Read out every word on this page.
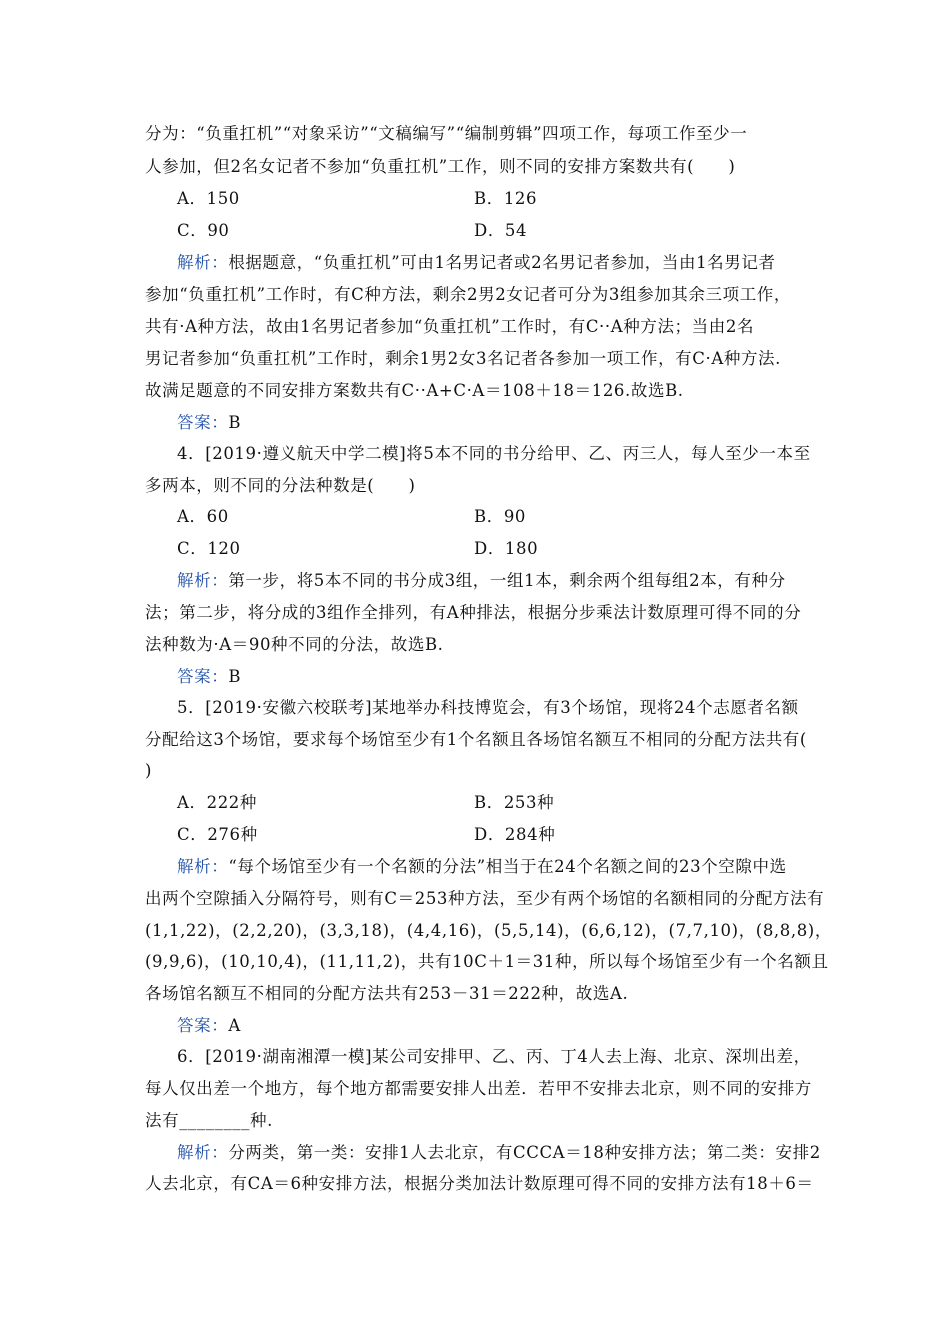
分为：“负重扛机”“对象采访”“文稿编写”“编制剪辑”四项工作，每项工作至少一
人参加，但2名女记者不参加“负重扛机”工作，则不同的安排方案数共有(　　)
A．150	B．126
C．90	D．54
解析：根据题意，“负重扛机”可由1名男记者或2名男记者参加，当由1名男记者
参加“负重扛机”工作时，有C种方法，剩余2男2女记者可分为3组参加其余三项工作，
共有·A种方法，故由1名男记者参加“负重扛机”工作时，有C··A种方法；当由2名
男记者参加“负重扛机”工作时，剩余1男2女3名记者各参加一项工作，有C·A种方法.
故满足题意的不同安排方案数共有C··A+C·A＝108＋18＝126.故选B.
答案：B
4．[2019·遵义航天中学二模]将5本不同的书分给甲、乙、丙三人，每人至少一本至
多两本，则不同的分法种数是(　　)
A．60	B．90
C．120	D．180
解析：第一步，将5本不同的书分成3组，一组1本，剩余两个组每组2本，有种分
法；第二步，将分成的3组作全排列，有A种排法，根据分步乘法计数原理可得不同的分
法种数为·A＝90种不同的分法，故选B.
答案：B
5．[2019·安徽六校联考]某地举办科技博览会，有3个场馆，现将24个志愿者名额
分配给这3个场馆，要求每个场馆至少有1个名额且各场馆名额互不相同的分配方法共有(
)
A．222种	B．253种
C．276种	D．284种
解析：“每个场馆至少有一个名额的分法”相当于在24个名额之间的23个空隙中选
出两个空隙插入分隔符号，则有C＝253种方法，至少有两个场馆的名额相同的分配方法有
(1,1,22)，(2,2,20)，(3,3,18)，(4,4,16)，(5,5,14)，(6,6,12)，(7,7,10)，(8,8,8)，
(9,9,6)，(10,10,4)，(11,11,2)，共有10C＋1＝31种，所以每个场馆至少有一个名额且
各场馆名额互不相同的分配方法共有253－31＝222种，故选A.
答案：A
6．[2019·湖南湘潭一模]某公司安排甲、乙、丙、丁4人去上海、北京、深圳出差，
每人仅出差一个地方，每个地方都需要安排人出差．若甲不安排去北京，则不同的安排方
法有________种.
解析：分两类，第一类：安排1人去北京，有CCCA＝18种安排方法；第二类：安排2
人去北京，有CA＝6种安排方法，根据分类加法计数原理可得不同的安排方法有18＋6＝
